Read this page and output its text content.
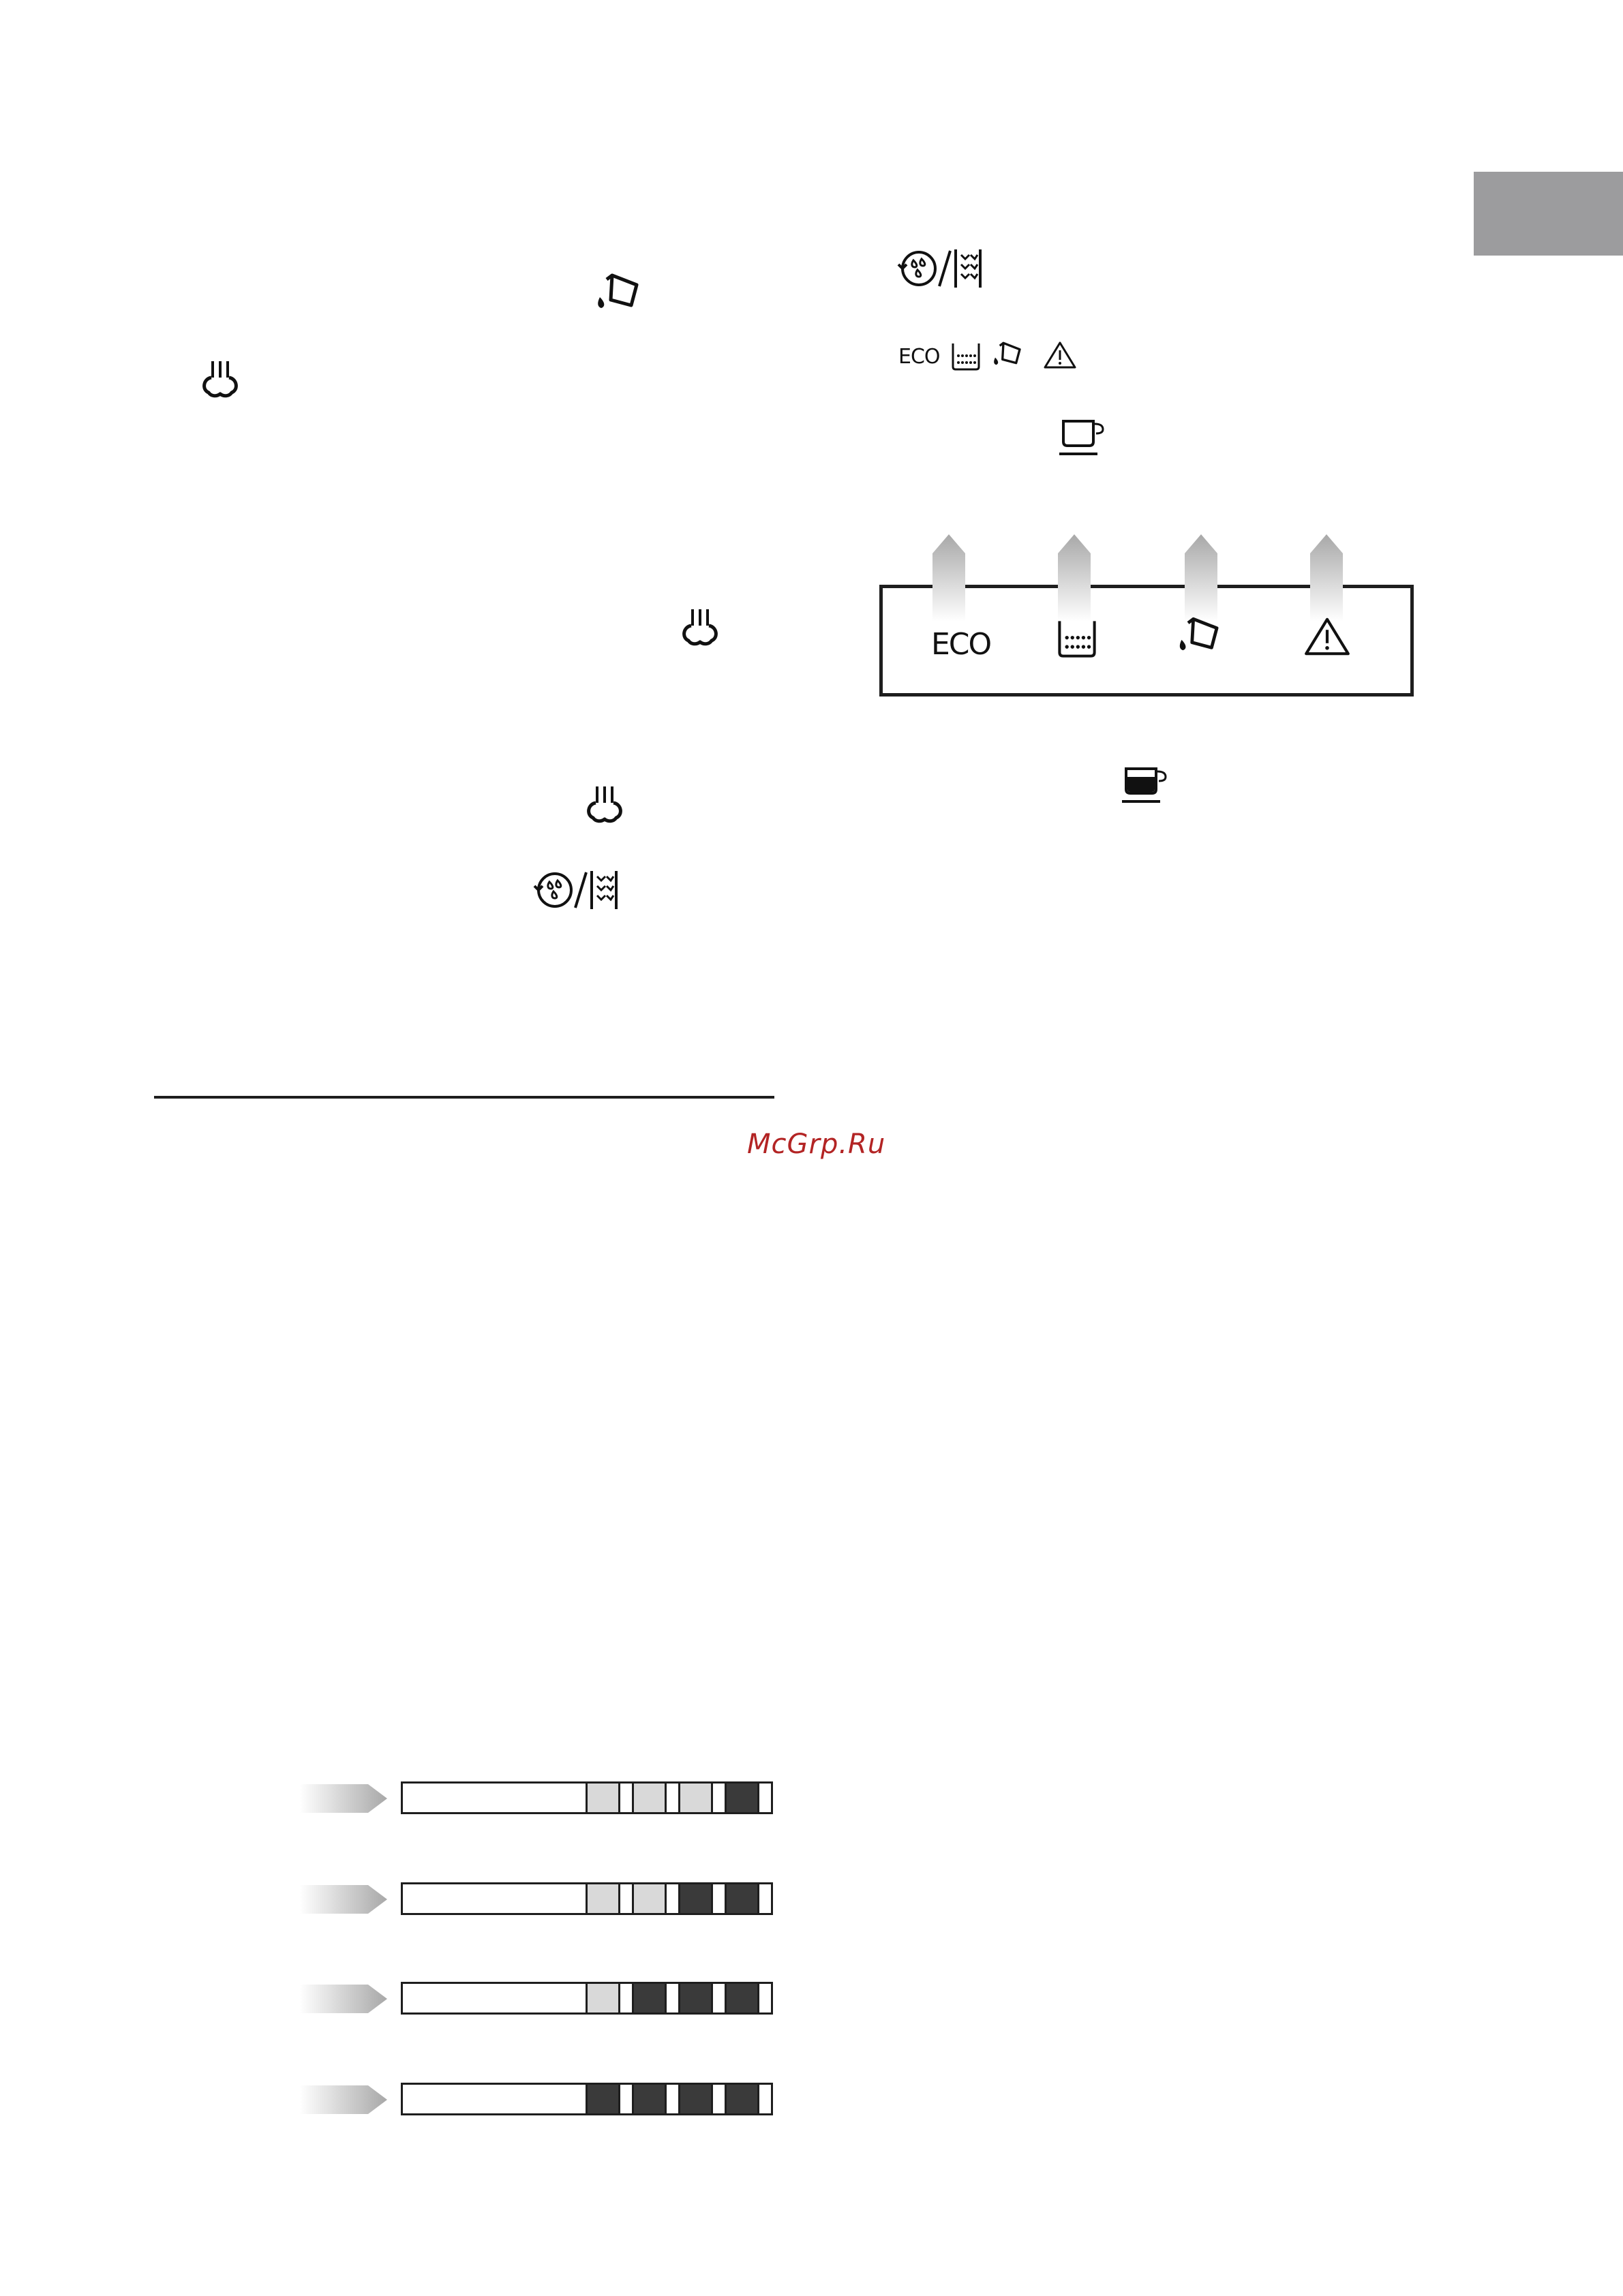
McGrp.Ru
ECO
ECO
